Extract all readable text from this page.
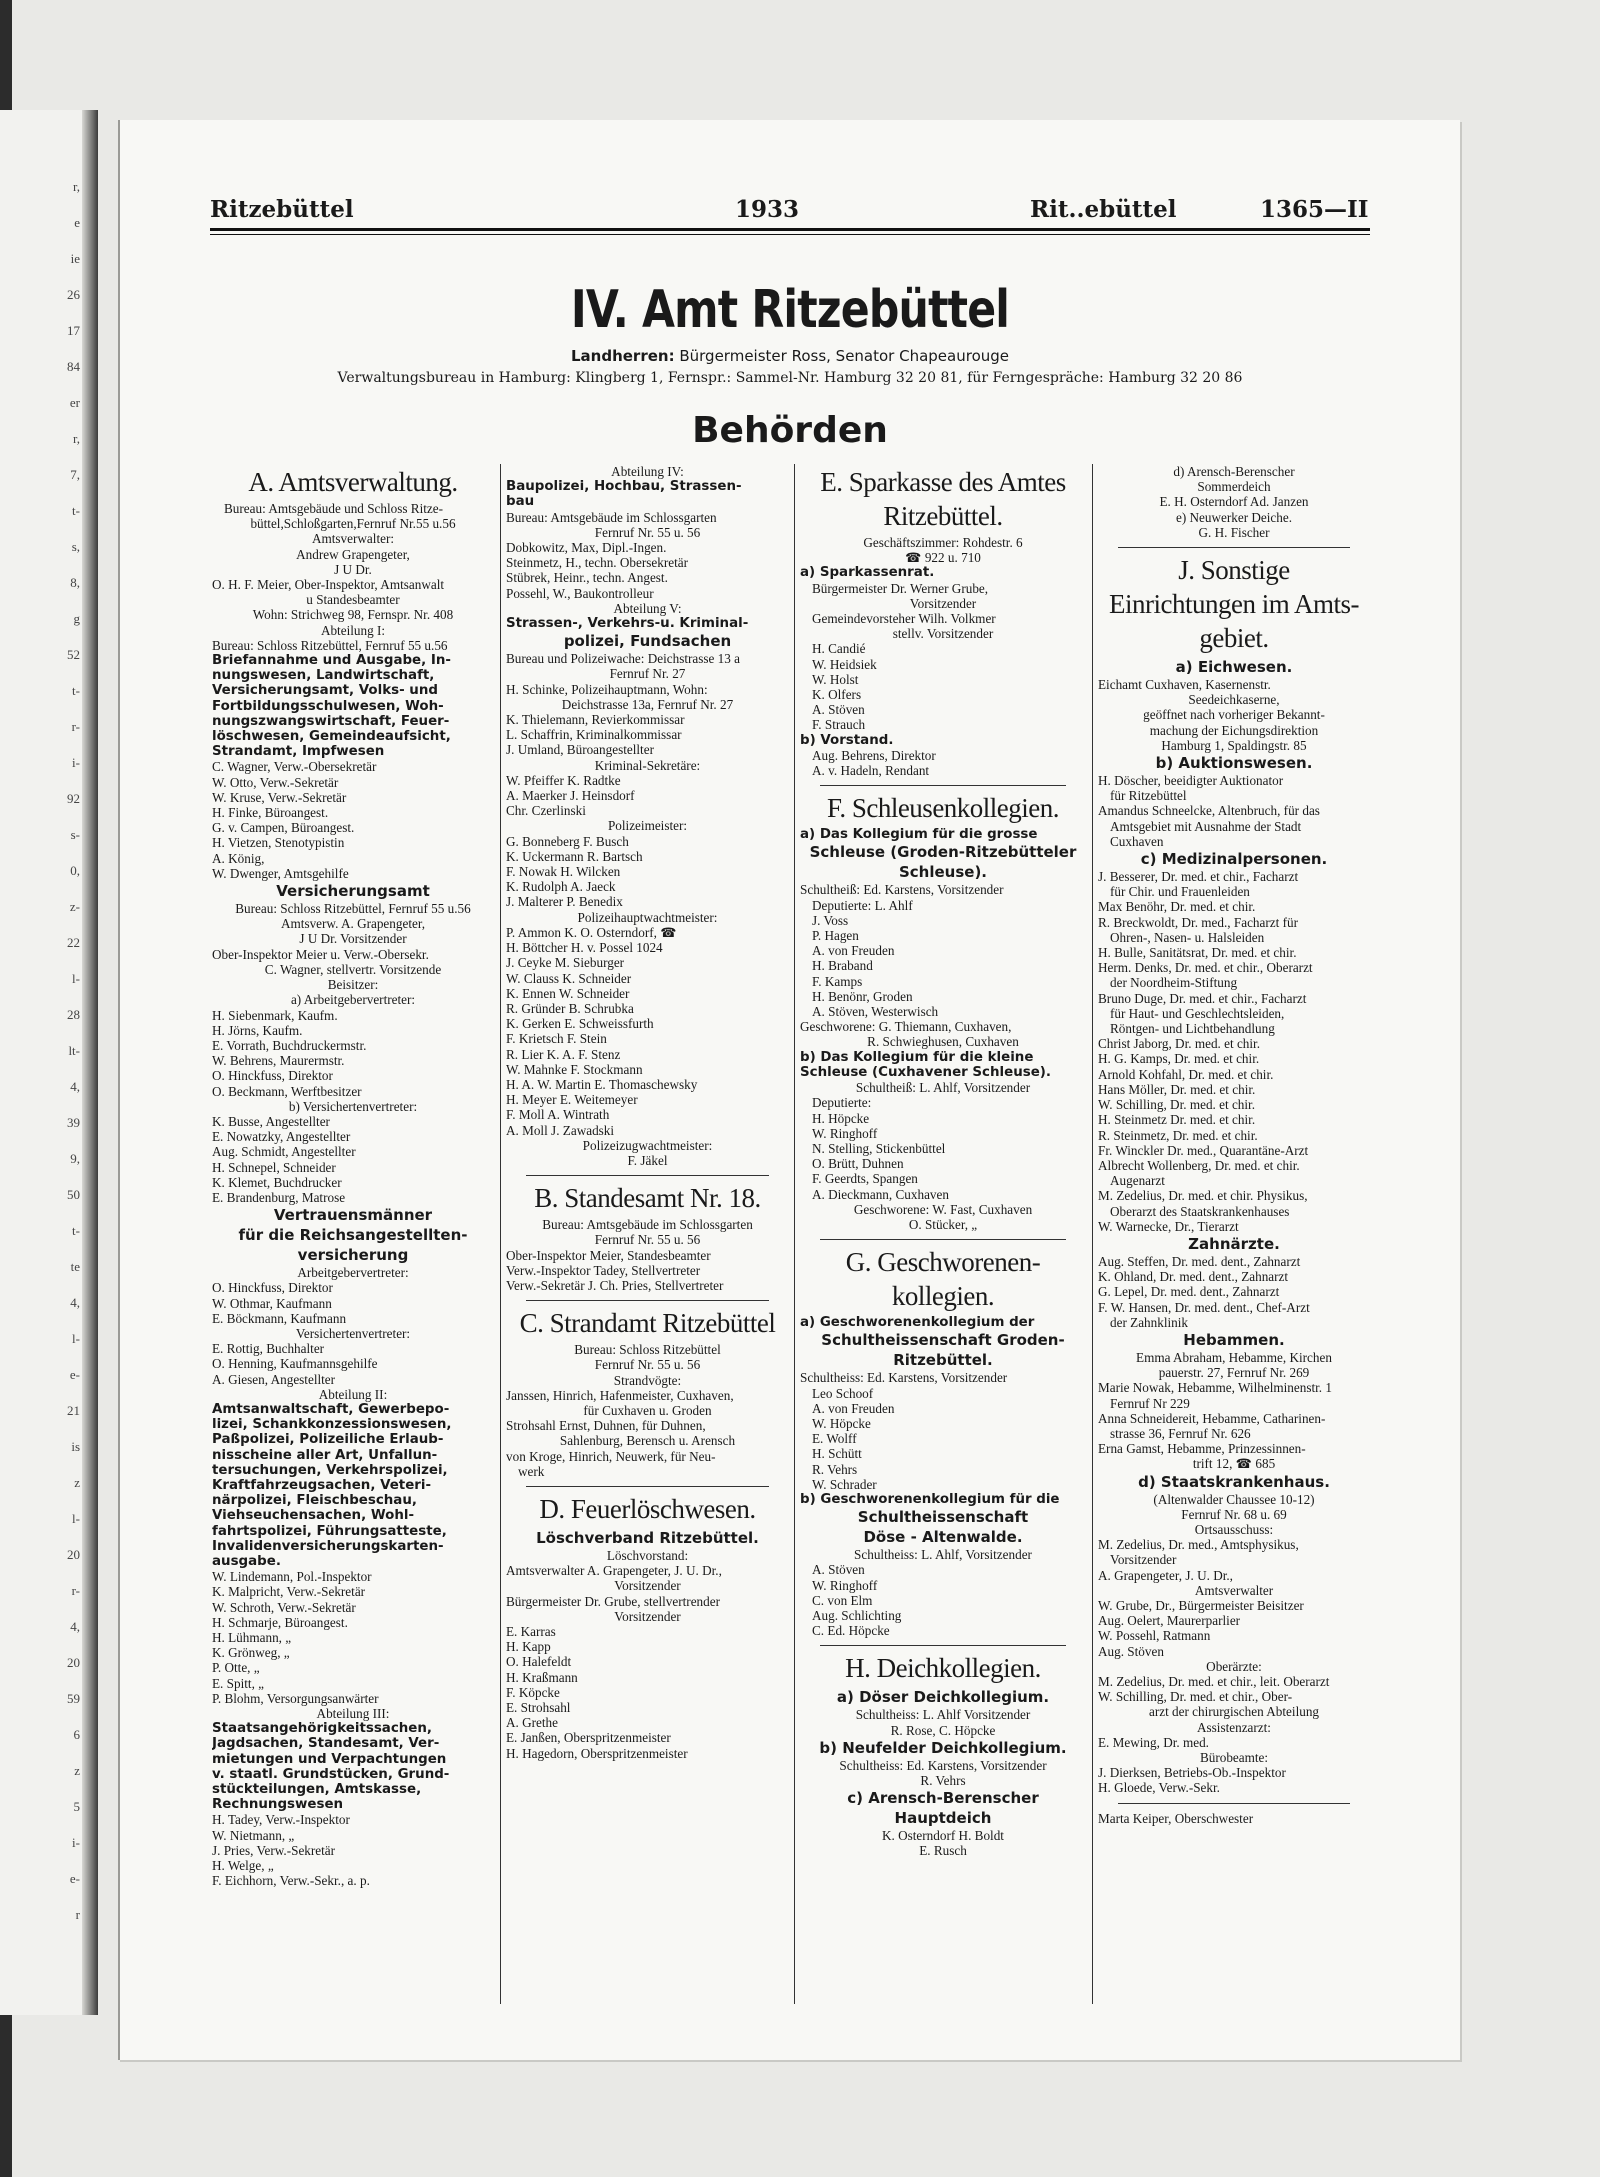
r,
e
ie
26
17
84
er
r,
7,
t-
s,
8,
g
52
t-
r-
i-
92
s-
0,
z-
22
l-
28
lt-
4,
39
9,
50
t-
te
4,
l-
e-
21
is
z
l-
20
r-
4,
20
59
6
z
5
i-
e-
r
Ritzebüttel	1933	Rit..ebüttel	1365—II
IV. Amt Ritzebüttel
Landherren: Bürgermeister Ross, Senator Chapeaurouge
Verwaltungsbureau in Hamburg: Klingberg 1, Fernspr.: Sammel-Nr. Hamburg 32 20 81, für Ferngespräche: Hamburg 32 20 86
Behörden
A. Amtsverwaltung.
Bureau: Amtsgebäude und Schloss Ritze-
büttel,Schloßgarten,Fernruf Nr.55 u.56
Amtsverwalter:
Andrew Grapengeter,
J U Dr.
O. H. F. Meier, Ober-Inspektor, Amtsanwalt
u Standesbeamter
Wohn: Strichweg 98, Fernspr. Nr. 408
Abteilung I:
Bureau: Schloss Ritzebüttel, Fernruf 55 u.56
Briefannahme und Ausgabe, In-
nungswesen, Landwirtschaft,
Versicherungsamt, Volks- und
Fortbildungsschulwesen, Woh-
nungszwangswirtschaft, Feuer-
löschwesen, Gemeindeaufsicht,
Strandamt, Impfwesen
C. Wagner, Verw.-Obersekretär
W. Otto, Verw.-Sekretär
W. Kruse, Verw.-Sekretär
H. Finke, Büroangest.
G. v. Campen, Büroangest.
H. Vietzen, Stenotypistin
A. König,
W. Dwenger, Amtsgehilfe
Versicherungsamt
Bureau: Schloss Ritzebüttel, Fernruf 55 u.56
Amtsverw. A. Grapengeter,
J U Dr. Vorsitzender
Ober-Inspektor Meier u. Verw.-Obersekr.
C. Wagner, stellvertr. Vorsitzende
Beisitzer:
a) Arbeitgebervertreter:
H. Siebenmark, Kaufm.
H. Jörns, Kaufm.
E. Vorrath, Buchdruckermstr.
W. Behrens, Maurermstr.
O. Hinckfuss, Direktor
O. Beckmann, Werftbesitzer
b) Versichertenvertreter:
K. Busse, Angestellter
E. Nowatzky, Angestellter
Aug. Schmidt, Angestellter
H. Schnepel, Schneider
K. Klemet, Buchdrucker
E. Brandenburg, Matrose
Vertrauensmänner
für die Reichsangestellten-
versicherung
Arbeitgebervertreter:
O. Hinckfuss, Direktor
W. Othmar, Kaufmann
E. Böckmann, Kaufmann
Versichertenvertreter:
E. Rottig, Buchhalter
O. Henning, Kaufmannsgehilfe
A. Giesen, Angestellter
Abteilung II:
Amtsanwaltschaft, Gewerbepo-
lizei, Schankkonzessionswesen,
Paßpolizei, Polizeiliche Erlaub-
nisscheine aller Art, Unfallun-
tersuchungen, Verkehrspolizei,
Kraftfahrzeugsachen, Veteri-
närpolizei, Fleischbeschau,
Viehseuchensachen, Wohl-
fahrtspolizei, Führungsatteste,
Invalidenversicherungskarten-
ausgabe.
W. Lindemann, Pol.-Inspektor
K. Malpricht, Verw.-Sekretär
W. Schroth, Verw.-Sekretär
H. Schmarje, Büroangest.
H. Lühmann, „
K. Grönweg, „
P. Otte, „
E. Spitt, „
P. Blohm, Versorgungsanwärter
Abteilung III:
Staatsangehörigkeitssachen,
Jagdsachen, Standesamt, Ver-
mietungen und Verpachtungen
v. staatl. Grundstücken, Grund-
stückteilungen, Amtskasse,
Rechnungswesen
H. Tadey, Verw.-Inspektor
W. Nietmann, „
J. Pries, Verw.-Sekretär
H. Welge, „
F. Eichhorn, Verw.-Sekr., a. p.
Abteilung IV:
Baupolizei, Hochbau, Strassen-
bau
Bureau: Amtsgebäude im Schlossgarten
Fernruf Nr. 55 u. 56
Dobkowitz, Max, Dipl.-Ingen.
Steinmetz, H., techn. Obersekretär
Stübrek, Heinr., techn. Angest.
Possehl, W., Baukontrolleur
Abteilung V:
Strassen-, Verkehrs-u. Kriminal-
polizei, Fundsachen
Bureau und Polizeiwache: Deichstrasse 13 a
Fernruf Nr. 27
H. Schinke, Polizeihauptmann, Wohn:
Deichstrasse 13a, Fernruf Nr. 27
K. Thielemann, Revierkommissar
L. Schaffrin, Kriminalkommissar
J. Umland, Büroangestellter
Kriminal-Sekretäre:
W. Pfeiffer K. Radtke
A. Maerker J. Heinsdorf
Chr. Czerlinski
Polizeimeister:
G. Bonneberg F. Busch
K. Uckermann R. Bartsch
F. Nowak H. Wilcken
K. Rudolph A. Jaeck
J. Malterer P. Benedix
Polizeihauptwachtmeister:
P. Ammon K. O. Osterndorf, ☎
H. Böttcher H. v. Possel 1024
J. Ceyke M. Sieburger
W. Clauss K. Schneider
K. Ennen W. Schneider
R. Gründer B. Schrubka
K. Gerken E. Schweissfurth
F. Krietsch F. Stein
R. Lier K. A. F. Stenz
W. Mahnke F. Stockmann
H. A. W. Martin E. Thomaschewsky
H. Meyer E. Weitemeyer
F. Moll A. Wintrath
A. Moll J. Zawadski
Polizeizugwachtmeister:
F. Jäkel
B. Standesamt Nr. 18.
Bureau: Amtsgebäude im Schlossgarten
Fernruf Nr. 55 u. 56
Ober-Inspektor Meier, Standesbeamter
Verw.-Inspektor Tadey, Stellvertreter
Verw.-Sekretär J. Ch. Pries, Stellvertreter
C. Strandamt Ritzebüttel
Bureau: Schloss Ritzebüttel
Fernruf Nr. 55 u. 56
Strandvögte:
Janssen, Hinrich, Hafenmeister, Cuxhaven,
für Cuxhaven u. Groden
Strohsahl Ernst, Duhnen, für Duhnen,
Sahlenburg, Berensch u. Arensch
von Kroge, Hinrich, Neuwerk, für Neu-
werk
D. Feuerlöschwesen.
Löschverband Ritzebüttel.
Löschvorstand:
Amtsverwalter A. Grapengeter, J. U. Dr.,
Vorsitzender
Bürgermeister Dr. Grube, stellvertrender
Vorsitzender
E. Karras
H. Kapp
O. Halefeldt
H. Kraßmann
F. Köpcke
E. Strohsahl
A. Grethe
E. Janßen, Oberspritzenmeister
H. Hagedorn, Oberspritzenmeister
E. Sparkasse des Amtes
Ritzebüttel.
Geschäftszimmer: Rohdestr. 6
☎ 922 u. 710
a) Sparkassenrat.
Bürgermeister Dr. Werner Grube,
Vorsitzender
Gemeindevorsteher Wilh. Volkmer
stellv. Vorsitzender
H. Candié
W. Heidsiek
W. Holst
K. Olfers
A. Stöven
F. Strauch
b) Vorstand.
Aug. Behrens, Direktor
A. v. Hadeln, Rendant
F. Schleusenkollegien.
a) Das Kollegium für die grosse
Schleuse (Groden-Ritzebütteler
Schleuse).
Schultheiß: Ed. Karstens, Vorsitzender
Deputierte: L. Ahlf
J. Voss
P. Hagen
A. von Freuden
H. Braband
F. Kamps
H. Benönr, Groden
A. Stöven, Westerwisch
Geschworene: G. Thiemann, Cuxhaven,
R. Schwieghusen, Cuxhaven
b) Das Kollegium für die kleine
Schleuse (Cuxhavener Schleuse).
Schultheiß: L. Ahlf, Vorsitzender
Deputierte:
H. Höpcke
W. Ringhoff
N. Stelling, Stickenbüttel
O. Brütt, Duhnen
F. Geerdts, Spangen
A. Dieckmann, Cuxhaven
Geschworene: W. Fast, Cuxhaven
O. Stücker, „
G. Geschworenen-
kollegien.
a) Geschworenenkollegium der
Schultheissenschaft Groden-
Ritzebüttel.
Schultheiss: Ed. Karstens, Vorsitzender
Leo Schoof
A. von Freuden
W. Höpcke
E. Wolff
H. Schütt
R. Vehrs
W. Schrader
b) Geschworenenkollegium für die
Schultheissenschaft
Döse - Altenwalde.
Schultheiss: L. Ahlf, Vorsitzender
A. Stöven
W. Ringhoff
C. von Elm
Aug. Schlichting
C. Ed. Höpcke
H. Deichkollegien.
a) Döser Deichkollegium.
Schultheiss: L. Ahlf Vorsitzender
R. Rose, C. Höpcke
b) Neufelder Deichkollegium.
Schultheiss: Ed. Karstens, Vorsitzender
R. Vehrs
c) Arensch-Berenscher Hauptdeich
K. Osterndorf H. Boldt
E. Rusch
d) Arensch-Berenscher
Sommerdeich
E. H. Osterndorf Ad. Janzen
e) Neuwerker Deiche.
G. H. Fischer
J. Sonstige
Einrichtungen im Amts-
gebiet.
a) Eichwesen.
Eichamt Cuxhaven, Kasernenstr.
Seedeichkaserne,
geöffnet nach vorheriger Bekannt-
machung der Eichungsdirektion
Hamburg 1, Spaldingstr. 85
b) Auktionswesen.
H. Döscher, beeidigter Auktionator
für Ritzebüttel
Amandus Schneelcke, Altenbruch, für das
Amtsgebiet mit Ausnahme der Stadt
Cuxhaven
c) Medizinalpersonen.
J. Besserer, Dr. med. et chir., Facharzt
für Chir. und Frauenleiden
Max Benöhr, Dr. med. et chir.
R. Breckwoldt, Dr. med., Facharzt für
Ohren-, Nasen- u. Halsleiden
H. Bulle, Sanitätsrat, Dr. med. et chir.
Herm. Denks, Dr. med. et chir., Oberarzt
der Noordheim-Stiftung
Bruno Duge, Dr. med. et chir., Facharzt
für Haut- und Geschlechtsleiden,
Röntgen- und Lichtbehandlung
Christ Jaborg, Dr. med. et chir.
H. G. Kamps, Dr. med. et chir.
Arnold Kohfahl, Dr. med. et chir.
Hans Möller, Dr. med. et chir.
W. Schilling, Dr. med. et chir.
H. Steinmetz Dr. med. et chir.
R. Steinmetz, Dr. med. et chir.
Fr. Winckler Dr. med., Quarantäne-Arzt
Albrecht Wollenberg, Dr. med. et chir.
Augenarzt
M. Zedelius, Dr. med. et chir. Physikus,
Oberarzt des Staatskrankenhauses
W. Warnecke, Dr., Tierarzt
Zahnärzte.
Aug. Steffen, Dr. med. dent., Zahnarzt
K. Ohland, Dr. med. dent., Zahnarzt
G. Lepel, Dr. med. dent., Zahnarzt
F. W. Hansen, Dr. med. dent., Chef-Arzt
der Zahnklinik
Hebammen.
Emma Abraham, Hebamme, Kirchen
pauerstr. 27, Fernruf Nr. 269
Marie Nowak, Hebamme, Wilhelminenstr. 1
Fernruf Nr 229
Anna Schneidereit, Hebamme, Catharinen-
strasse 36, Fernruf Nr. 626
Erna Gamst, Hebamme, Prinzessinnen-
trift 12, ☎ 685
d) Staatskrankenhaus.
(Altenwalder Chaussee 10-12)
Fernruf Nr. 68 u. 69
Ortsausschuss:
M. Zedelius, Dr. med., Amtsphysikus,
Vorsitzender
A. Grapengeter, J. U. Dr.,
Amtsverwalter
W. Grube, Dr., Bürgermeister Beisitzer
Aug. Oelert, Maurerparlier
W. Possehl, Ratmann
Aug. Stöven
Oberärzte:
M. Zedelius, Dr. med. et chir., leit. Oberarzt
W. Schilling, Dr. med. et chir., Ober-
arzt der chirurgischen Abteilung
Assistenzarzt:
E. Mewing, Dr. med.
Bürobeamte:
J. Dierksen, Betriebs-Ob.-Inspektor
H. Gloede, Verw.-Sekr.
Marta Keiper, Oberschwester
